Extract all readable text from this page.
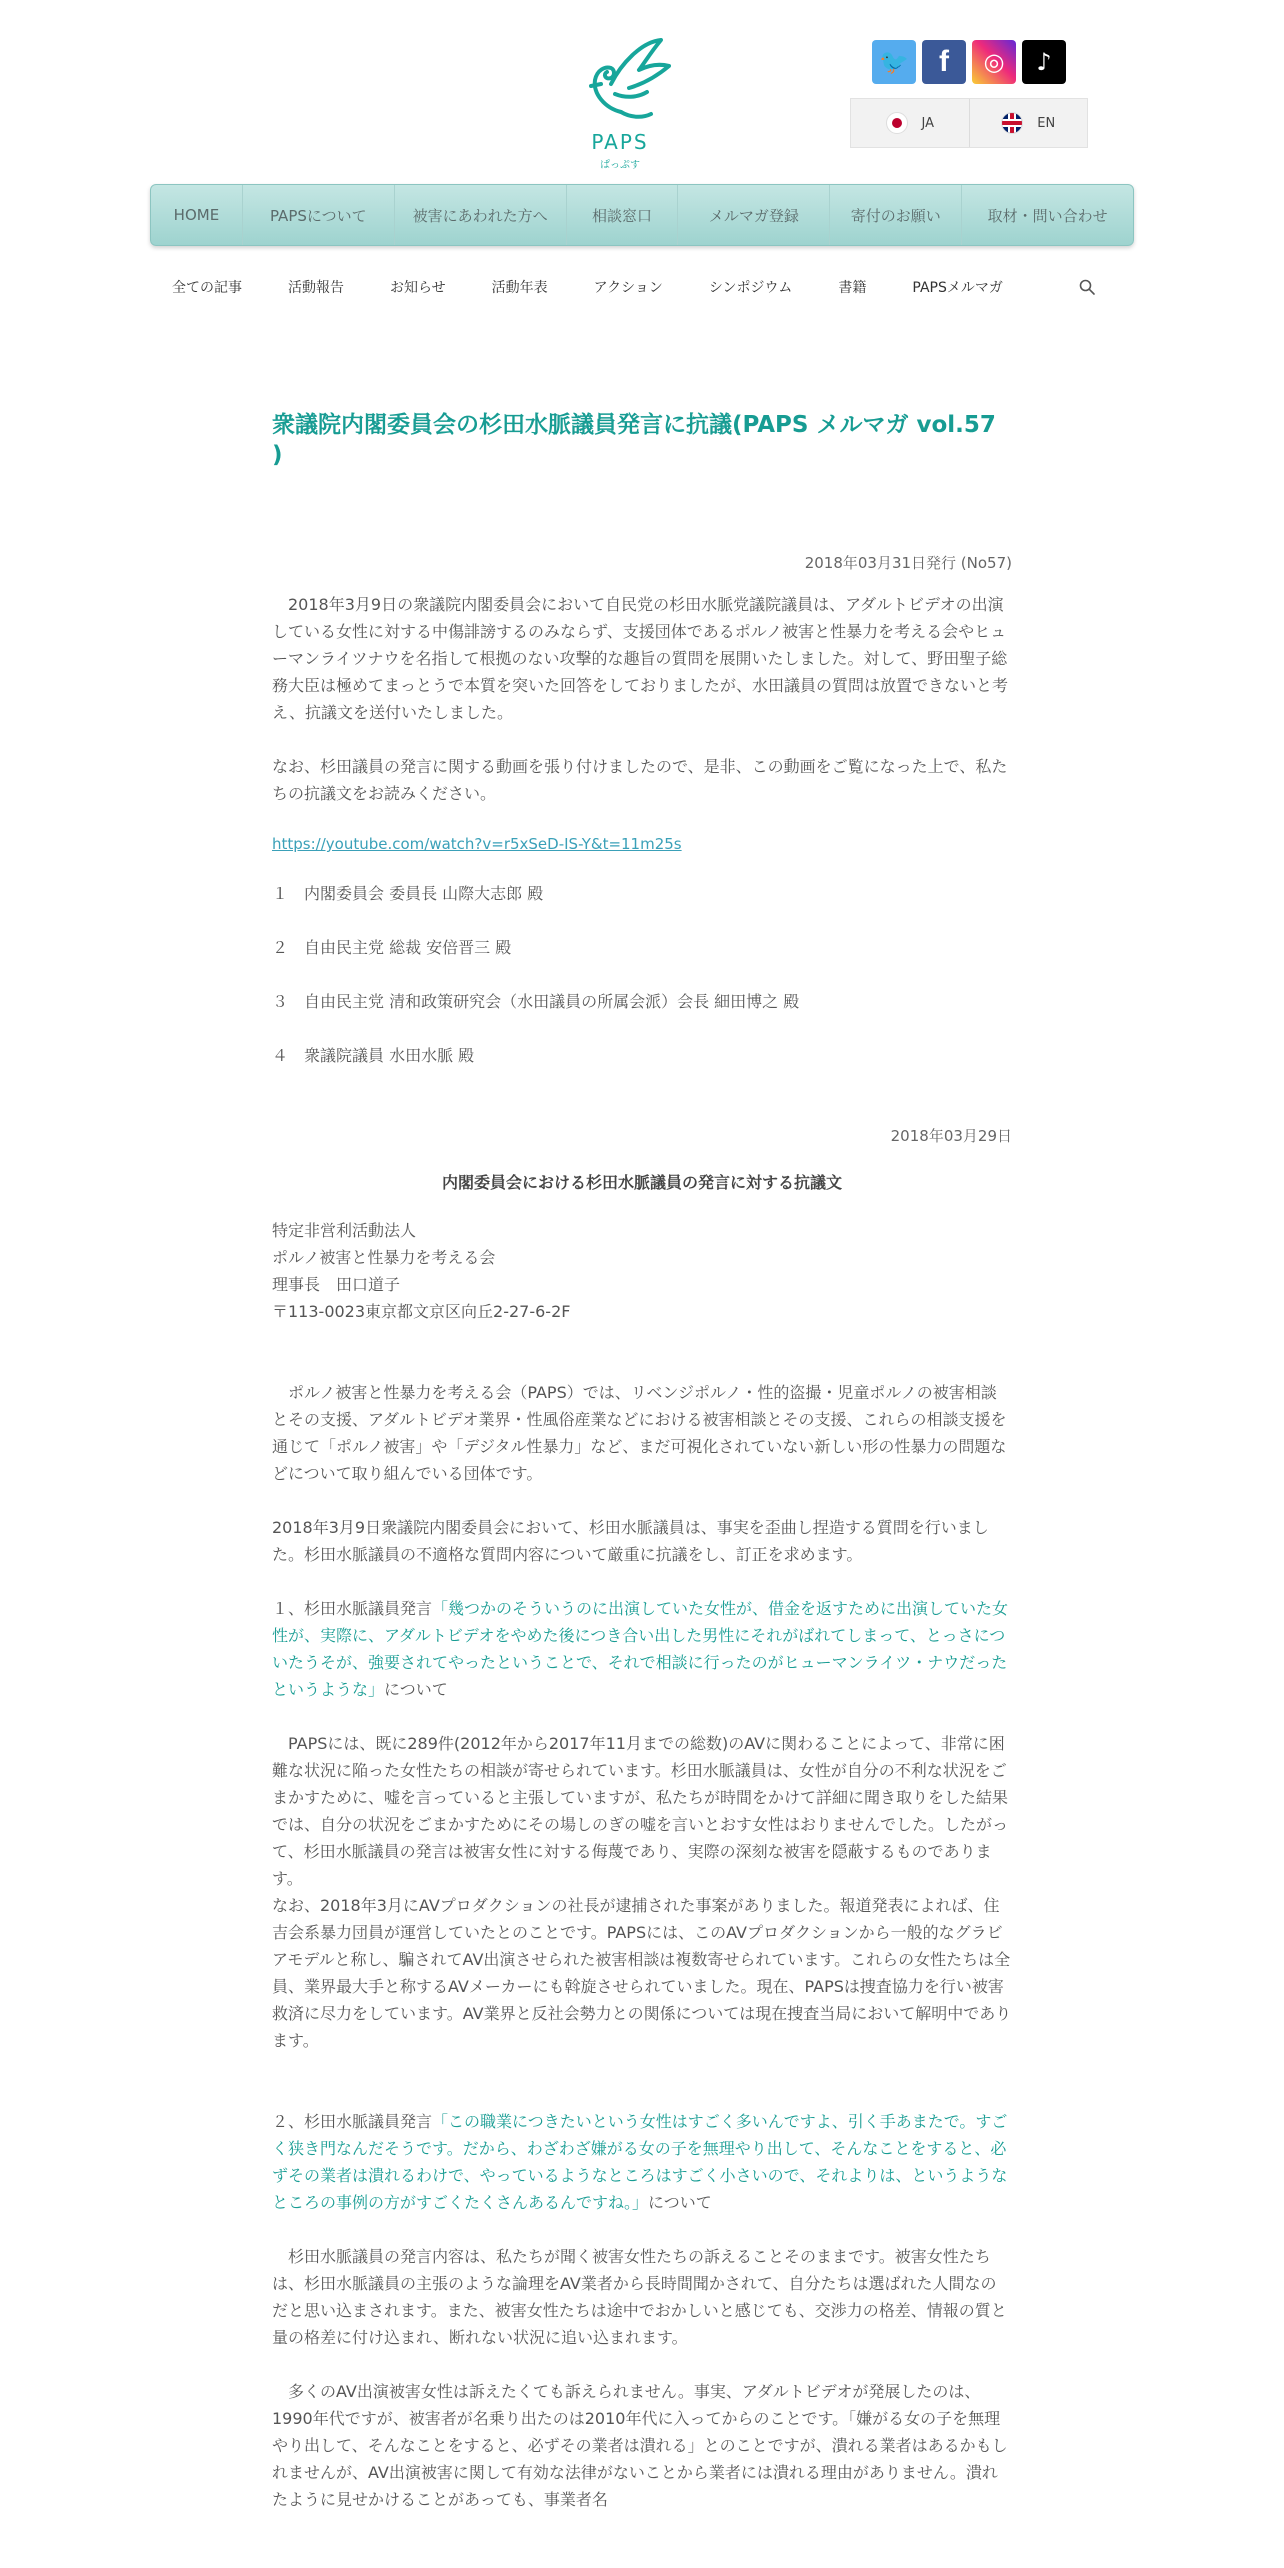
PAPS
ぱっぷす
🐦	f	◎	♪
JA	EN
HOME	PAPSについて	被害にあわれた方へ	相談窓口	メルマガ登録	寄付のお願い	取材・問い合わせ
全ての記事	活動報告	お知らせ	活動年表	アクション	シンポジウム	書籍	PAPSメルマガ
衆議院内閣委員会の杉田水脈議員発言に抗議(PAPS メルマガ vol.57 )
2018年03月31日発行 (No57)

　2018年3月9日の衆議院内閣委員会において自民党の杉田水脈党議院議員は、アダルトビデオの出演している女性に対する中傷誹謗するのみならず、支援団体であるポルノ被害と性暴力を考える会やヒューマンライツナウを名指して根拠のない攻撃的な趣旨の質問を展開いたしました。対して、野田聖子総務大臣は極めてまっとうで本質を突いた回答をしておりましたが、水田議員の質問は放置できないと考え、抗議文を送付いたしました。

なお、杉田議員の発言に関する動画を張り付けましたので、是非、この動画をご覧になった上で、私たちの抗議文をお読みください。

https://youtube.com/watch?v=r5xSeD-IS-Y&t=11m25s

１　内閣委員会 委員長 山際大志郎 殿

２　自由民主党 総裁 安倍晋三 殿

３　自由民主党 清和政策研究会（水田議員の所属会派）会長 細田博之 殿

４　衆議院議員 水田水脈 殿

2018年03月29日
内閣委員会における杉田水脈議員の発言に対する抗議文

特定非営利活動法人

ポルノ被害と性暴力を考える会

理事長　田口道子

〒113-0023東京都文京区向丘2-27-6-2F

　ポルノ被害と性暴力を考える会（PAPS）では、リベンジポルノ・性的盗撮・児童ポルノの被害相談とその支援、アダルトビデオ業界・性風俗産業などにおける被害相談とその支援、これらの相談支援を通じて「ポルノ被害」や「デジタル性暴力」など、まだ可視化されていない新しい形の性暴力の問題などについて取り組んでいる団体です。

2018年3月9日衆議院内閣委員会において、杉田水脈議員は、事実を歪曲し捏造する質問を行いました。杉田水脈議員の不適格な質問内容について厳重に抗議をし、訂正を求めます。

１、杉田水脈議員発言「幾つかのそういうのに出演していた女性が、借金を返すために出演していた女性が、実際に、アダルトビデオをやめた後につき合い出した男性にそれがばれてしまって、とっさについたうそが、強要されてやったということで、それで相談に行ったのがヒューマンライツ・ナウだったというような」について

　PAPSには、既に289件(2012年から2017年11月までの総数)のAVに関わることによって、非常に困難な状況に陥った女性たちの相談が寄せられています。杉田水脈議員は、女性が自分の不利な状況をごまかすために、嘘を言っていると主張していますが、私たちが時間をかけて詳細に聞き取りをした結果では、自分の状況をごまかすためにその場しのぎの嘘を言いとおす女性はおりませんでした。したがって、杉田水脈議員の発言は被害女性に対する侮蔑であり、実際の深刻な被害を隠蔽するものであります。

なお、2018年3月にAVプロダクションの社長が逮捕された事案がありました。報道発表によれば、住吉会系暴力団員が運営していたとのことです。PAPSには、このAVプロダクションから一般的なグラビアモデルと称し、騙されてAV出演させられた被害相談は複数寄せられています。これらの女性たちは全員、業界最大手と称するAVメーカーにも斡旋させられていました。現在、PAPSは捜査協力を行い被害救済に尽力をしています。AV業界と反社会勢力との関係については現在捜査当局において解明中であります。

２、杉田水脈議員発言「この職業につきたいという女性はすごく多いんですよ、引く手あまたで。すごく狭き門なんだそうです。だから、わざわざ嫌がる女の子を無理やり出して、そんなことをすると、必ずその業者は潰れるわけで、やっているようなところはすごく小さいので、それよりは、というようなところの事例の方がすごくたくさんあるんですね。」について

　杉田水脈議員の発言内容は、私たちが聞く被害女性たちの訴えることそのままです。被害女性たちは、杉田水脈議員の主張のような論理をAV業者から長時間聞かされて、自分たちは選ばれた人間なのだと思い込まされます。また、被害女性たちは途中でおかしいと感じても、交渉力の格差、情報の質と量の格差に付け込まれ、断れない状況に追い込まれます。

　多くのAV出演被害女性は訴えたくても訴えられません。事実、アダルトビデオが発展したのは、1990年代ですが、被害者が名乗り出たのは2010年代に入ってからのことです。「嫌がる女の子を無理やり出して、そんなことをすると、必ずその業者は潰れる」とのことですが、潰れる業者はあるかもしれませんが、AV出演被害に関して有効な法律がないことから業者には潰れる理由がありません。潰れたように見せかけることがあっても、事業者名
